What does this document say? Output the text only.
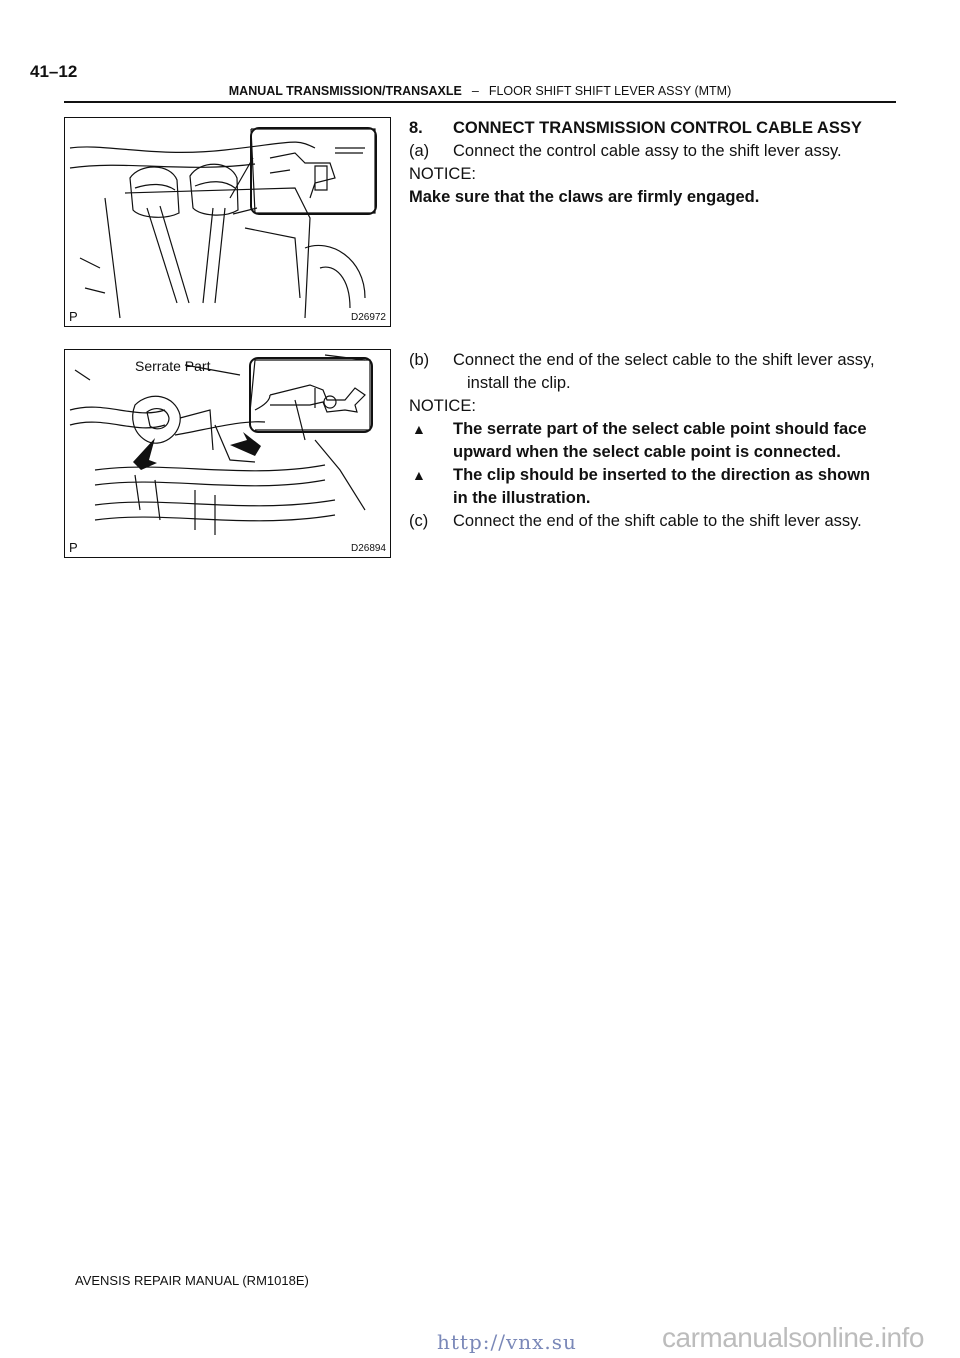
41–12
MANUAL TRANSMISSION/TRANSAXLE – FLOOR SHIFT SHIFT LEVER ASSY (MTM)
P	D26972
Serrate Part
P	D26894
8. CONNECT TRANSMISSION CONTROL CABLE ASSY
(a) Connect the control cable assy to the shift lever assy.
NOTICE:
Make sure that the claws are firmly engaged.
(b) Connect the end of the select cable to the shift lever assy,
install the clip.
NOTICE:
▲ The serrate part of the select cable point should face
upward when the select cable point is connected.
▲ The clip should be inserted to the direction as shown
in the illustration.
(c) Connect the end of the shift cable to the shift lever assy.
AVENSIS REPAIR MANUAL (RM1018E)
http://vnx.su	carmanualsonline.info
